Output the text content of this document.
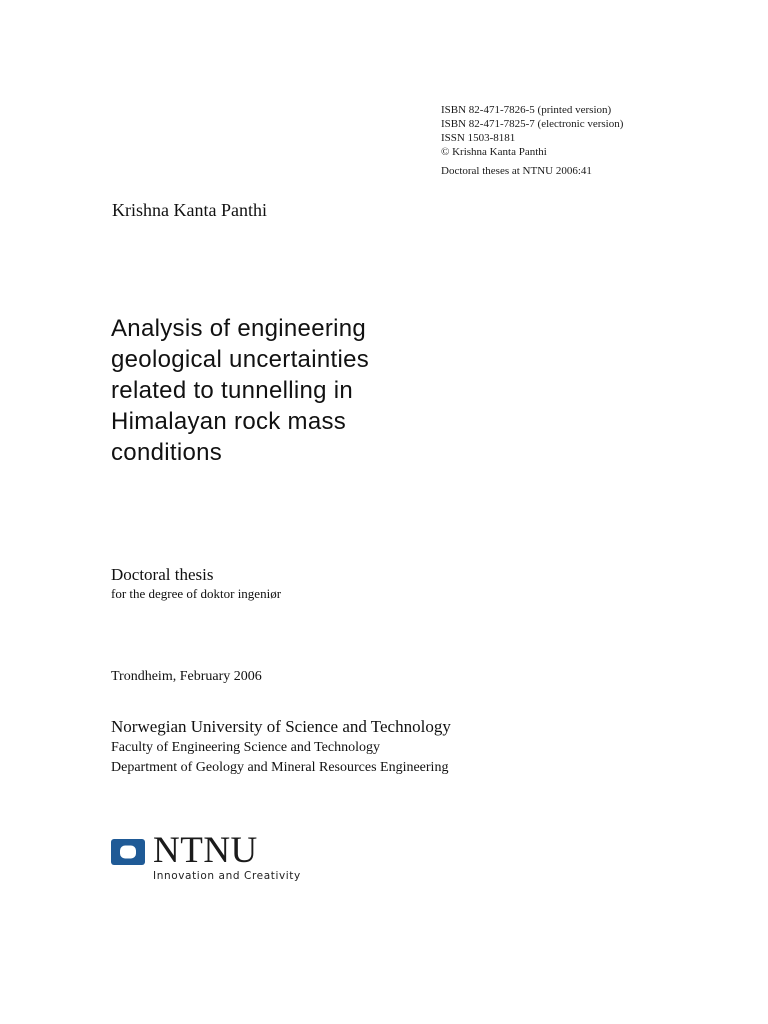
ISBN 82-471-7826-5 (printed version)
ISBN 82-471-7825-7 (electronic version)
ISSN 1503-8181
© Krishna Kanta Panthi
Doctoral theses at NTNU 2006:41
Krishna Kanta Panthi
Analysis of engineering
geological uncertainties
related to tunnelling in
Himalayan rock mass
conditions
Doctoral thesis
for the degree of doktor ingeniør
Trondheim, February 2006
Norwegian University of Science and Technology
Faculty of Engineering Science and Technology
Department of Geology and Mineral Resources Engineering
NTNU
Innovation and Creativity
